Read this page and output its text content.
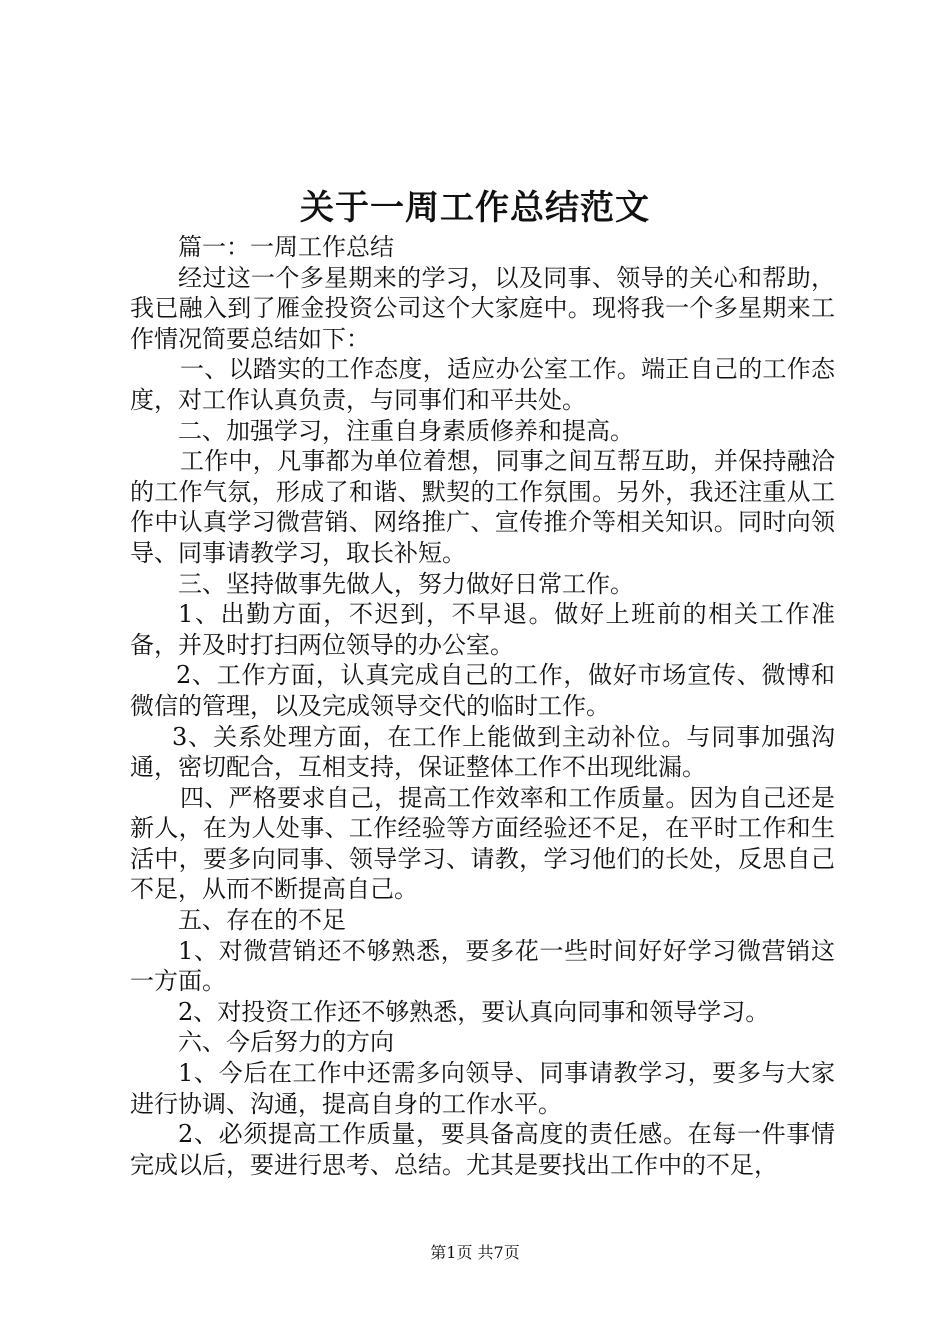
关于一周工作总结范文

篇一：一周工作总结

经过这一个多星期来的学习，以及同事、领导的关心和帮助，我已融入到了雁金投资公司这个大家庭中。现将我一个多星期来工作情况简要总结如下：

一、以踏实的工作态度，适应办公室工作。端正自己的工作态度，对工作认真负责，与同事们和平共处。

二、加强学习，注重自身素质修养和提高。

工作中，凡事都为单位着想，同事之间互帮互助，并保持融洽的工作气氛，形成了和谐、默契的工作氛围。另外，我还注重从工作中认真学习微营销、网络推广、宣传推介等相关知识。同时向领导、同事请教学习，取长补短。

三、坚持做事先做人，努力做好日常工作。

1、出勤方面，不迟到，不早退。做好上班前的相关工作准备，并及时打扫两位领导的办公室。

2、工作方面，认真完成自己的工作，做好市场宣传、微博和微信的管理，以及完成领导交代的临时工作。

3、关系处理方面，在工作上能做到主动补位。与同事加强沟通，密切配合，互相支持，保证整体工作不出现纰漏。

四、严格要求自己，提高工作效率和工作质量。因为自己还是新人，在为人处事、工作经验等方面经验还不足，在平时工作和生活中，要多向同事、领导学习、请教，学习他们的长处，反思自己不足，从而不断提高自己。

五、存在的不足

1、对微营销还不够熟悉，要多花一些时间好好学习微营销这一方面。

2、对投资工作还不够熟悉，要认真向同事和领导学习。

六、今后努力的方向

1、今后在工作中还需多向领导、同事请教学习，要多与大家进行协调、沟通，提高自身的工作水平。

2、必须提高工作质量，要具备高度的责任感。在每一件事情完成以后，要进行思考、总结。尤其是要找出工作中的不足，

第1页 共7页
